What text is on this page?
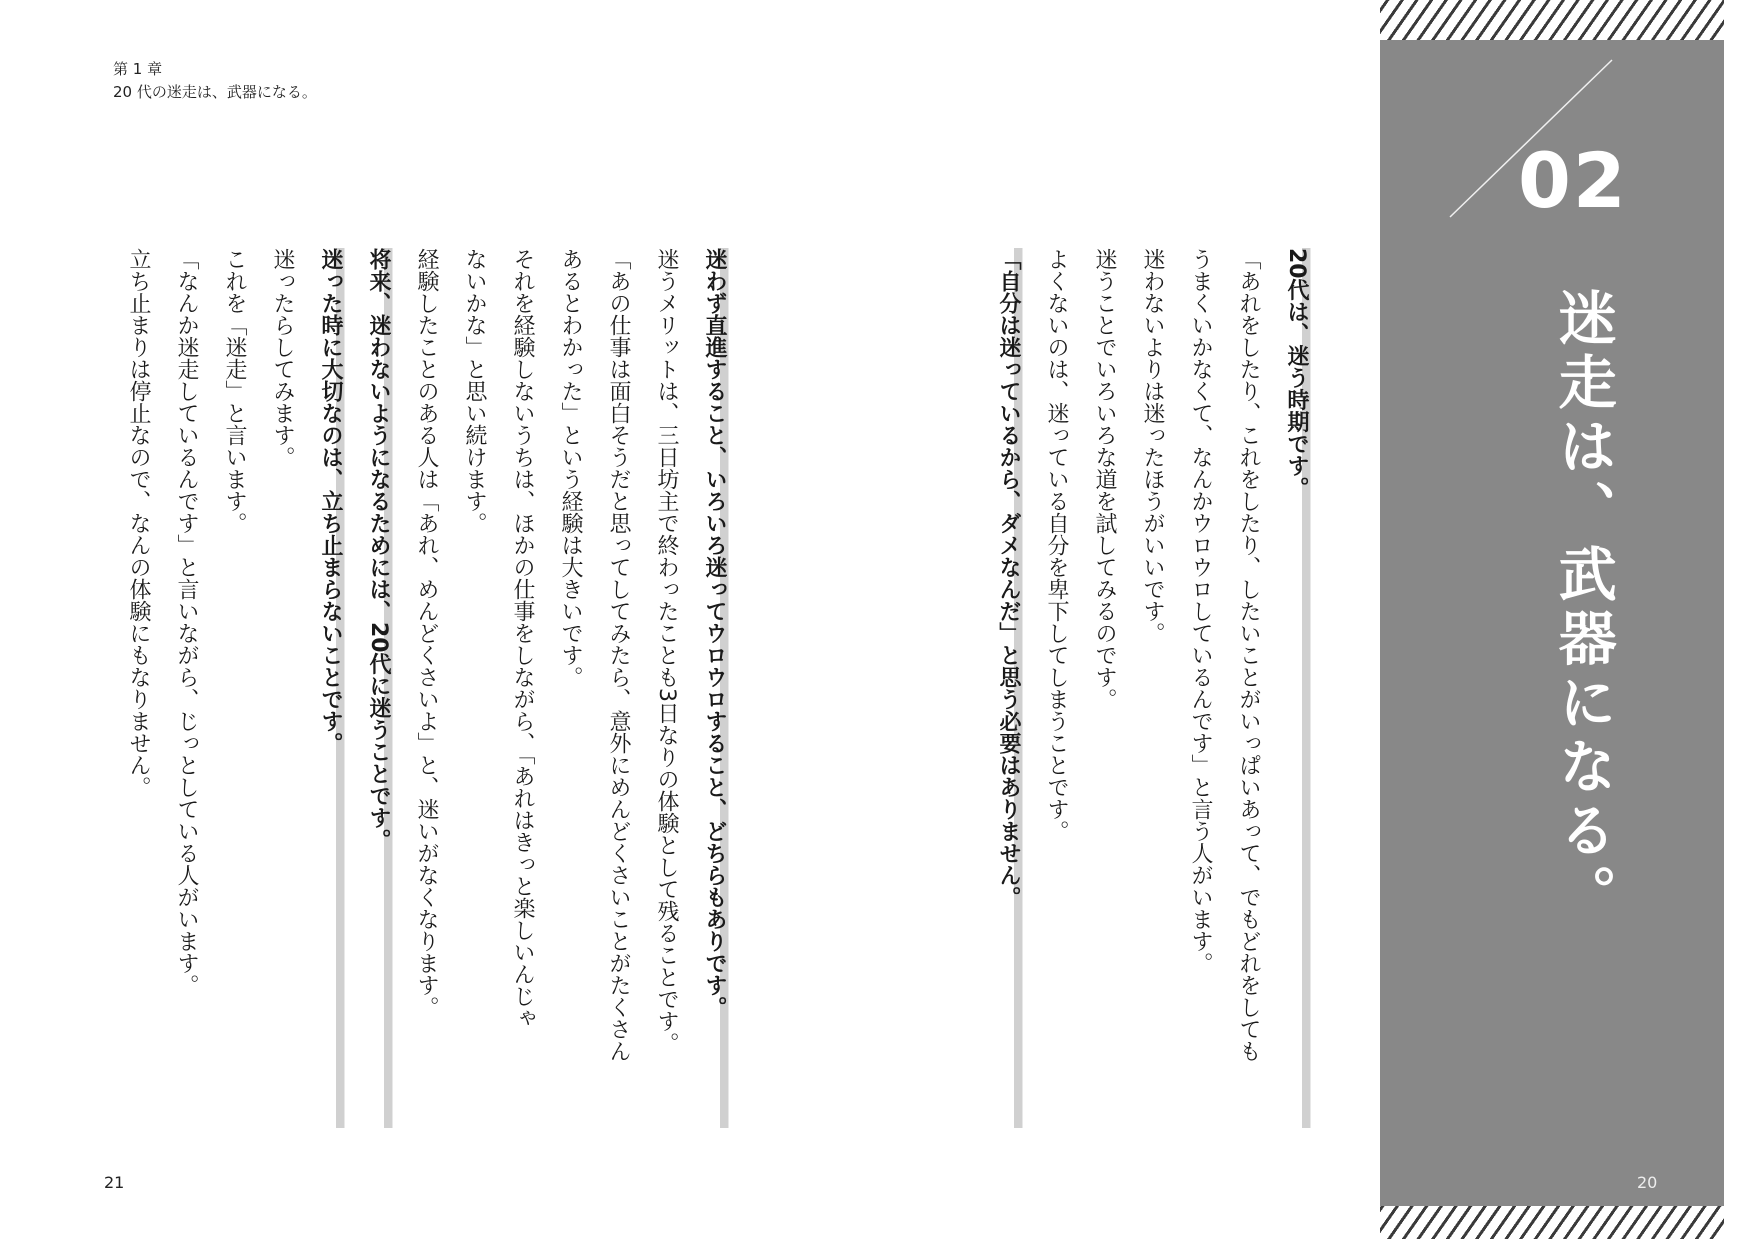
第 1 章
20 代の迷走は、武器になる。
迷わず直進すること、いろいろ迷ってウロウロすること、どちらもありです。
迷うメリットは、三日坊主で終わったことも3日なりの体験として残ることです。
「あの仕事は面白そうだと思ってしてみたら、意外にめんどくさいことがたくさん
あるとわかった」という経験は大きいです。
それを経験しないうちは、ほかの仕事をしながら、「あれはきっと楽しいんじゃ
ないかな」と思い続けます。
経験したことのある人は「あれ、めんどくさいよ」と、迷いがなくなります。
将来、迷わないようになるためには、20代に迷うことです。
迷った時に大切なのは、立ち止まらないことです。
迷ったらしてみます。
これを「迷走」と言います。
「なんか迷走しているんです」と言いながら、じっとしている人がいます。
立ち止まりは停止なので、なんの体験にもなりません。	20代は、迷う時期です。
「あれをしたり、これをしたり、したいことがいっぱいあって、でもどれをしても
うまくいかなくて、なんかウロウロしているんです」と言う人がいます。
迷わないよりは迷ったほうがいいです。
迷うことでいろいろな道を試してみるのです。
よくないのは、迷っている自分を卑下してしまうことです。
「自分は迷っているから、ダメなんだ」と思う必要はありません。
02
迷走は、武器になる。
21	20
